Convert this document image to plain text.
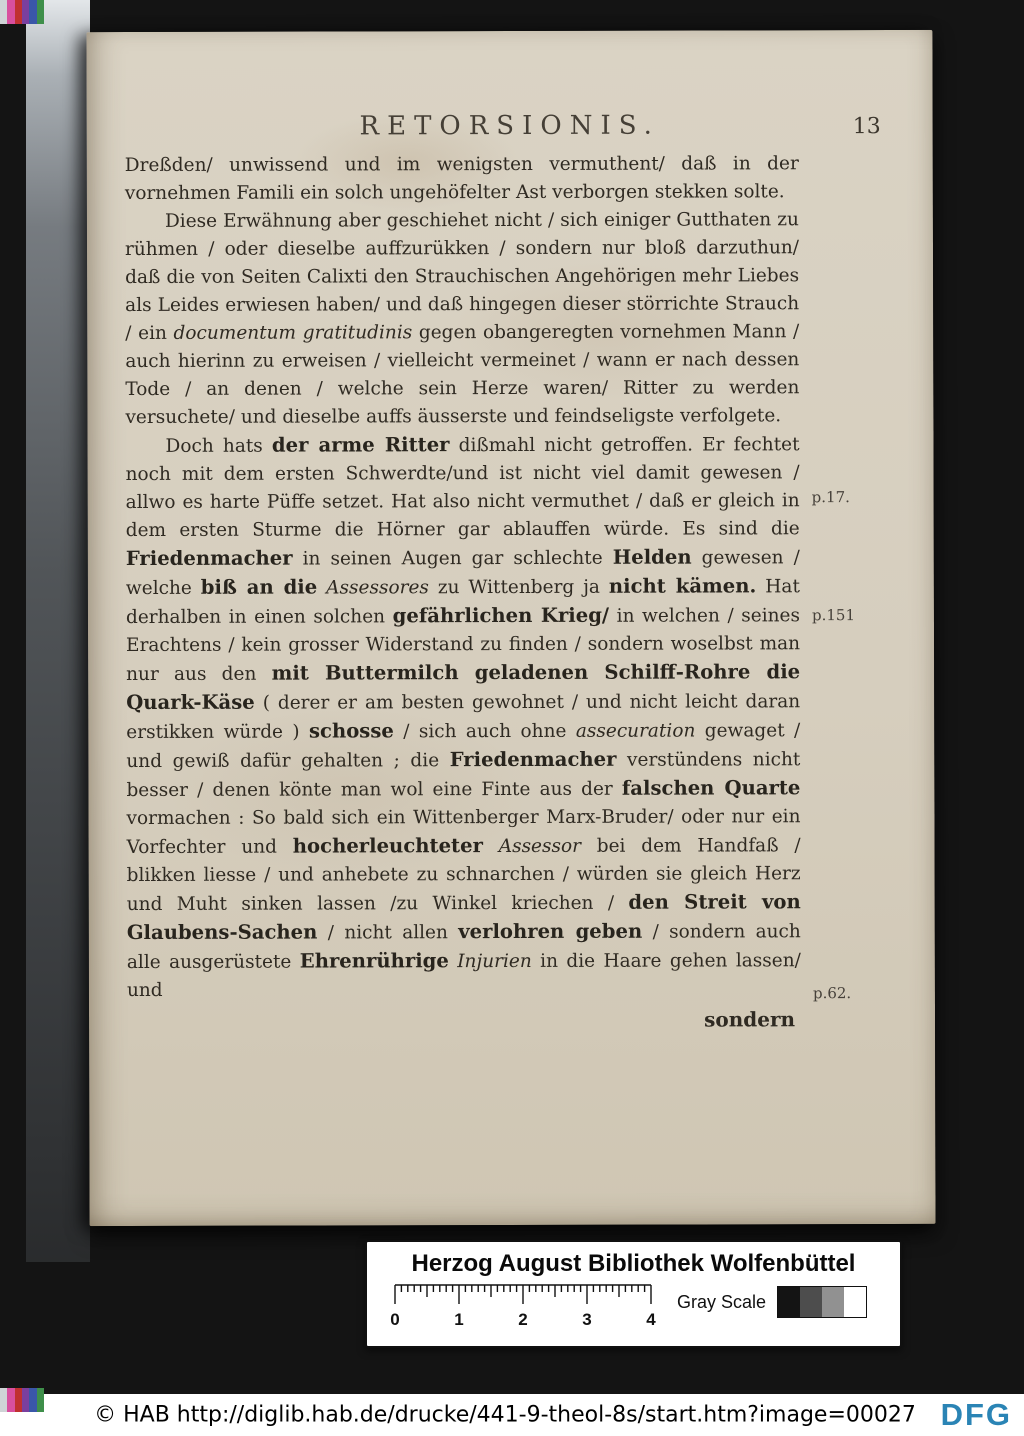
RETORSIONIS.	13

Dreßden/ unwissend und im wenigsten vermuthent/ daß in der vornehmen Famili ein solch ungehöfelter Ast verborgen stekken solte.

Diese Erwähnung aber geschiehet nicht / sich einiger Gutthaten zu rühmen / oder dieselbe auffzurükken / sondern nur bloß darzuthun/ daß die von Seiten Calixti den Strauchischen Angehörigen mehr Liebes als Leides erwiesen haben/ und daß hingegen dieser störrichte Strauch / ein documentum gratitudinis gegen obangeregten vornehmen Mann / auch hierinn zu erweisen / vielleicht vermeinet / wann er nach dessen Tode / an denen / welche sein Herze waren/ Ritter zu werden versuchete/ und dieselbe auffs äusserste und feindseligste verfolgete.

Doch hats der arme Ritter dißmahl nicht getroffen. Er fechtet noch mit dem ersten Schwerdte/und ist nicht viel damit gewesen / allwo es harte Püffe setzet. Hat also nicht vermuthet / daß er gleich in dem ersten Sturme die Hörner gar ablauffen würde. Es sind die Friedenmacher in seinen Augen gar schlechte Helden gewesen / welche biß an die Assessores zu Wittenberg ja nicht kämen. Hat derhalben in einen solchen gefährlichen Krieg/ in welchen / seines Erachtens / kein grosser Widerstand zu finden / sondern woselbst man nur aus den mit Buttermilch geladenen Schilff-Rohre die Quark-Käse ( derer er am besten gewohnet / und nicht leicht daran erstikken würde ) schosse / sich auch ohne assecuration gewaget / und gewiß dafür gehalten ; die Friedenmacher verstündens nicht besser / denen könte man wol eine Finte aus der falschen Quarte vormachen : So bald sich ein Wittenberger Marx-Bruder/ oder nur ein Vorfechter und hocherleuchteter Assessor bei dem Handfaß / blikken liesse / und anhebete zu schnarchen / würden sie gleich Herz und Muht sinken lassen /zu Winkel kriechen / den Streit von Glaubens-Sachen / nicht allen verlohren geben / sondern auch alle ausgerüstete Ehrenrührige Injurien in die Haare gehen lassen/ und

sondern
p.17.
p.151
p.62.
Herzog August Bibliothek Wolfenbüttel
0	1	2	3	4
Gray Scale
© HAB http://diglib.hab.de/drucke/441-9-theol-8s/start.htm?image=00027 DFG
